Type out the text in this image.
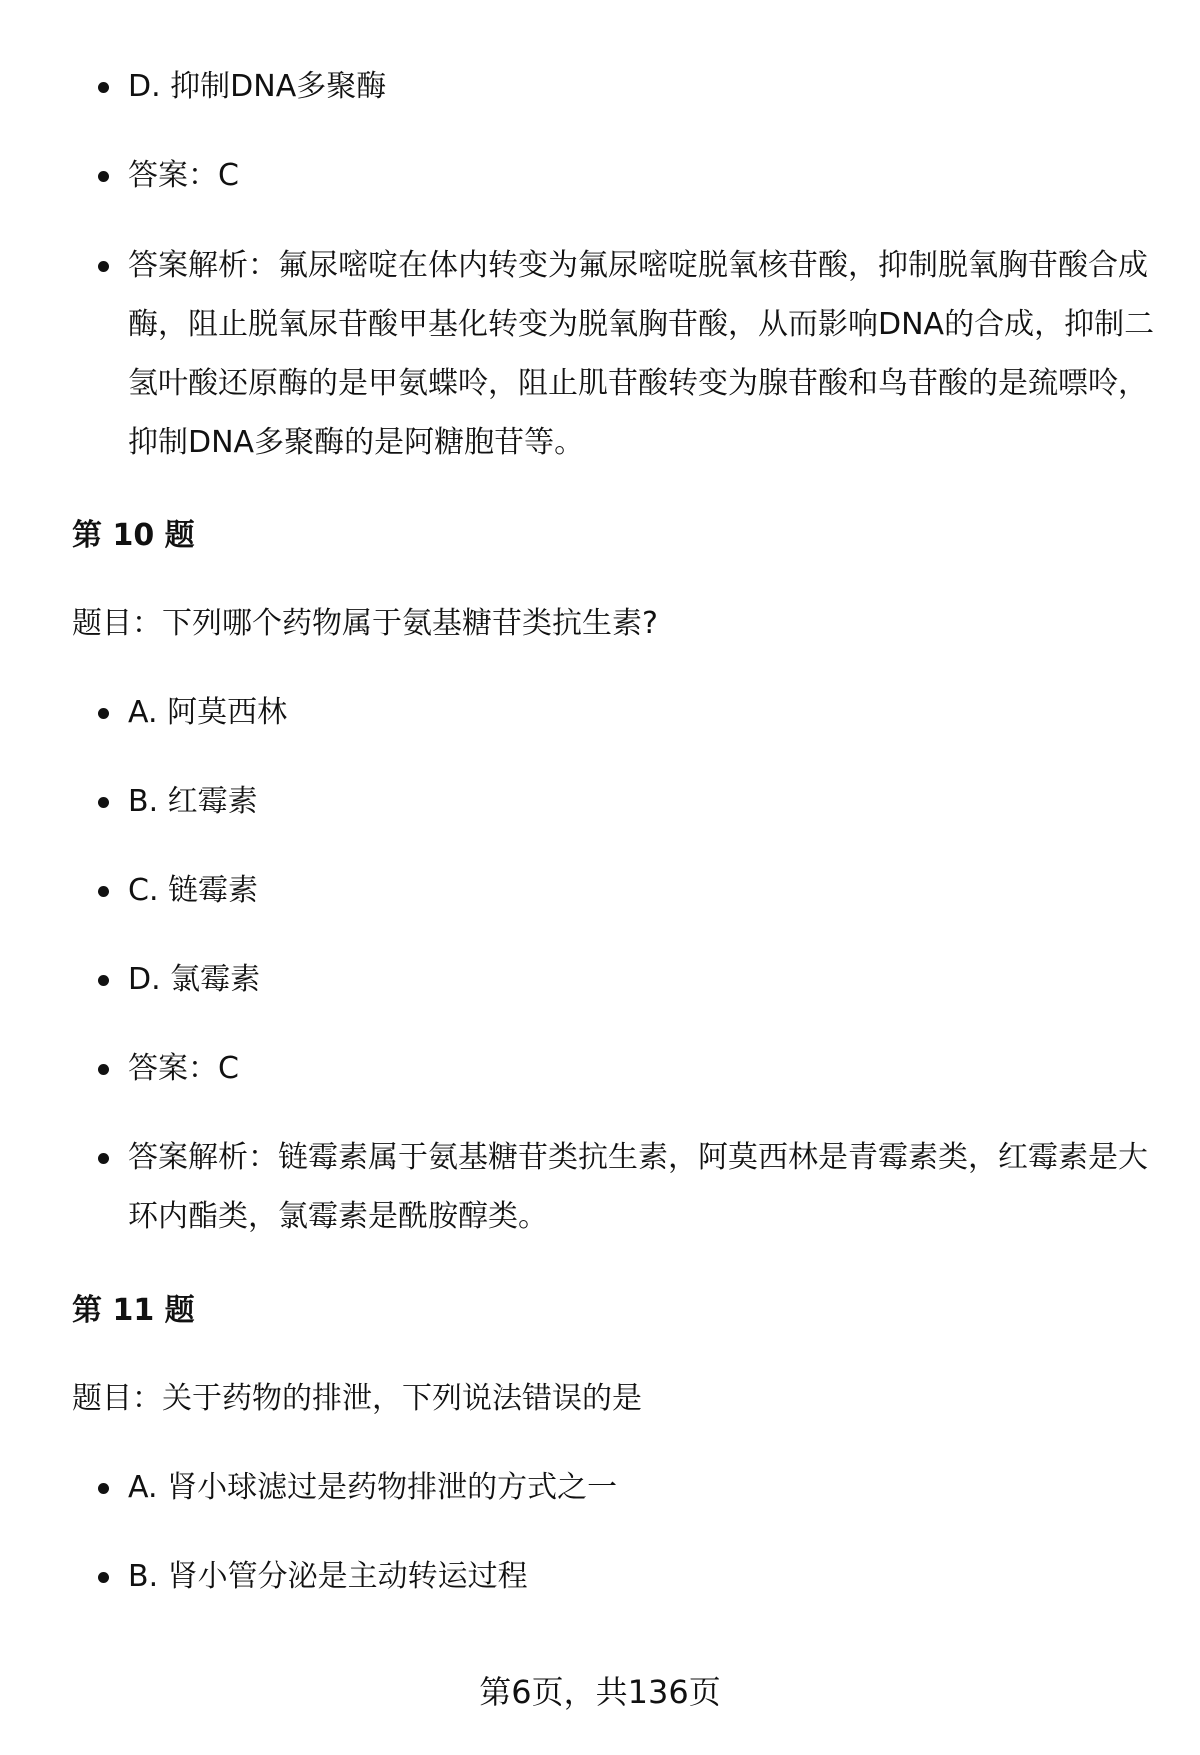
D. 抑制DNA多聚酶
答案：C
答案解析：氟尿嘧啶在体内转变为氟尿嘧啶脱氧核苷酸，抑制脱氧胸苷酸合成酶，阻止脱氧尿苷酸甲基化转变为脱氧胸苷酸，从而影响DNA的合成，抑制二氢叶酸还原酶的是甲氨蝶呤，阻止肌苷酸转变为腺苷酸和鸟苷酸的是巯嘌呤，抑制DNA多聚酶的是阿糖胞苷等。
第 10 题

题目：下列哪个药物属于氨基糖苷类抗生素?

A. 阿莫西林
B. 红霉素
C. 链霉素
D. 氯霉素
答案：C
答案解析：链霉素属于氨基糖苷类抗生素，阿莫西林是青霉素类，红霉素是大环内酯类，氯霉素是酰胺醇类。
第 11 题

题目：关于药物的排泄，下列说法错误的是

A. 肾小球滤过是药物排泄的方式之一
B. 肾小管分泌是主动转运过程
第6页，共136页
